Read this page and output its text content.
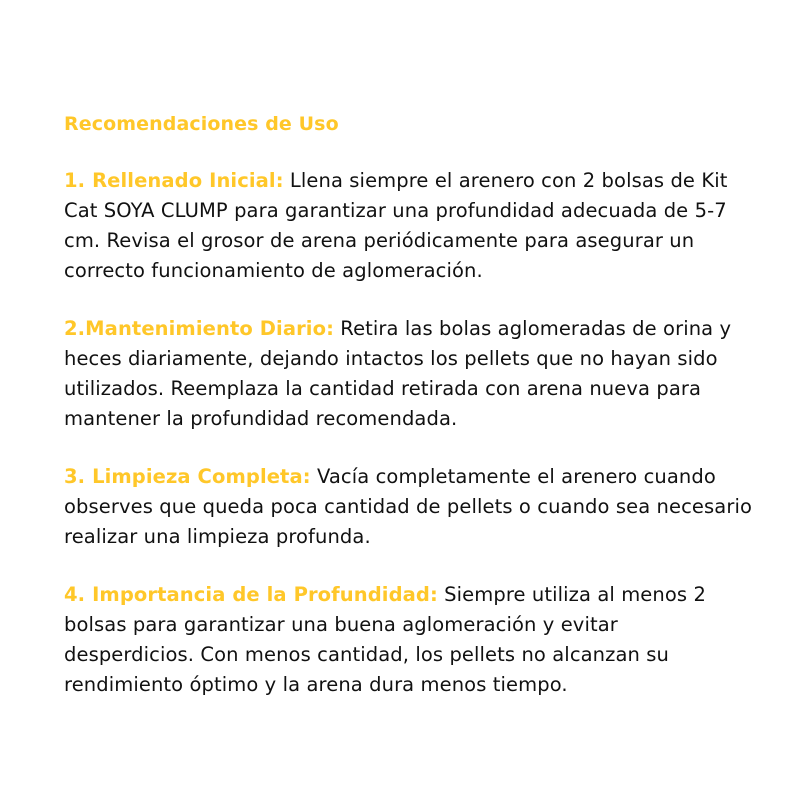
Recomendaciones de Uso

1. Rellenado Inicial: Llena siempre el arenero con 2 bolsas de Kit Cat SOYA CLUMP para garantizar una profundidad adecuada de 5-7 cm. Revisa el grosor de arena periódicamente para asegurar un correcto funcionamiento de aglomeración.

2.Mantenimiento Diario: Retira las bolas aglomeradas de orina y heces diariamente, dejando intactos los pellets que no hayan sido utilizados. Reemplaza la cantidad retirada con arena nueva para mantener la profundidad recomendada.

3. Limpieza Completa: Vacía completamente el arenero cuando observes que queda poca cantidad de pellets o cuando sea necesario realizar una limpieza profunda.

4. Importancia de la Profundidad: Siempre utiliza al menos 2 bolsas para garantizar una buena aglomeración y evitar desperdicios. Con menos cantidad, los pellets no alcanzan su rendimiento óptimo y la arena dura menos tiempo.
